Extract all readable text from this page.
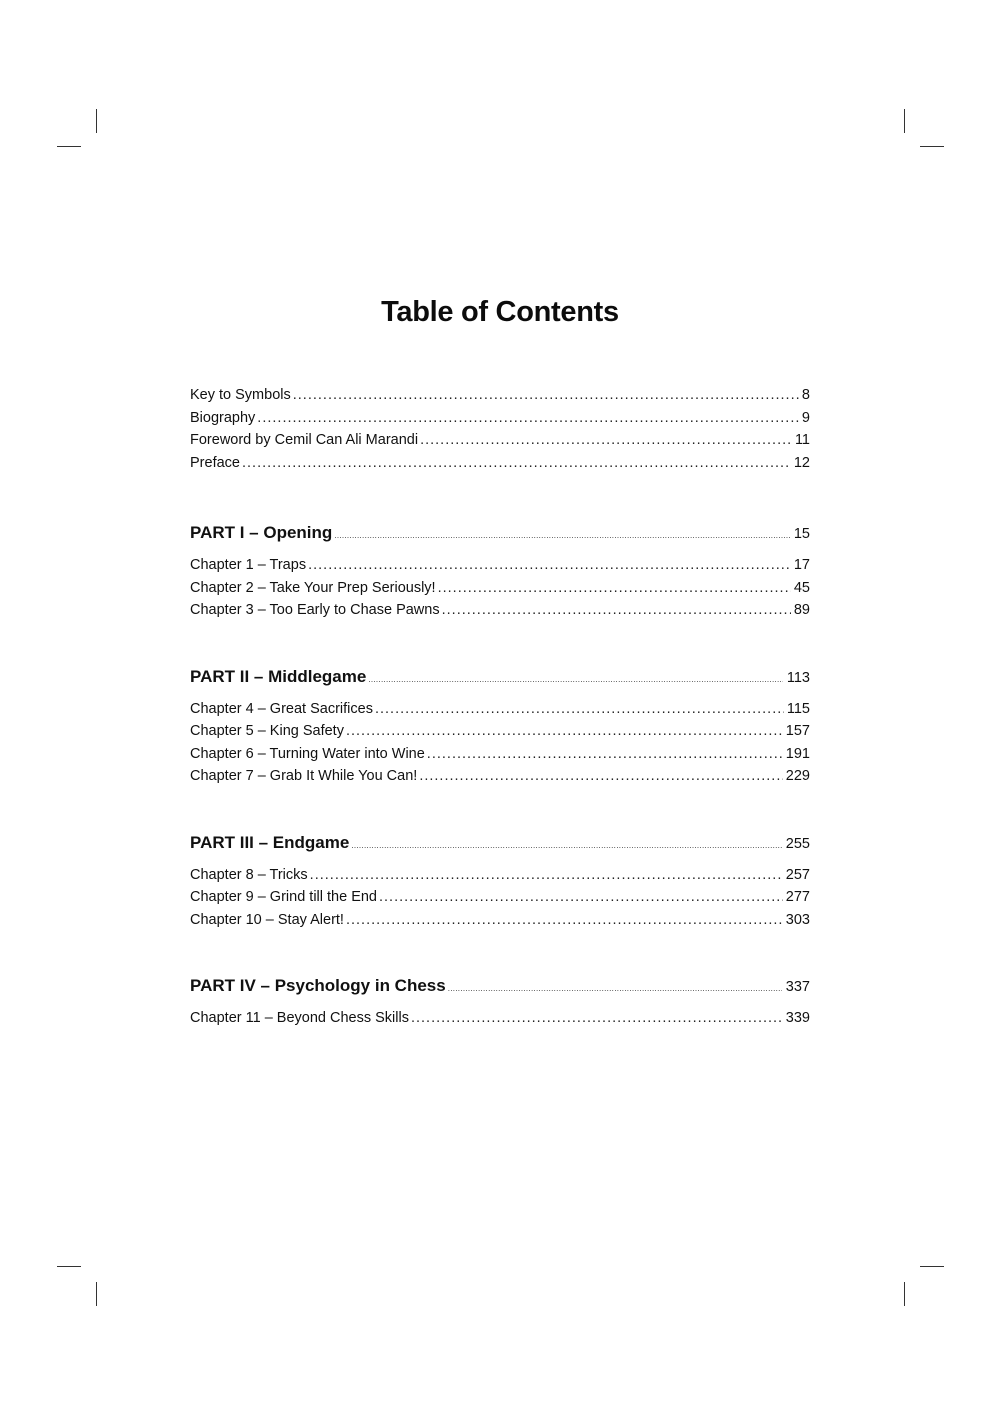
Table of Contents
Key to Symbols .....	8
Biography .....	9
Foreword by Cemil Can Ali Marandi .....	11
Preface .....	12
PART I – Opening .....	15
Chapter 1 – Traps .....	17
Chapter 2 – Take Your Prep Seriously! .....	45
Chapter 3 – Too Early to Chase Pawns .....	89
PART II – Middlegame .....	113
Chapter 4 – Great Sacrifices .....	115
Chapter 5 – King Safety .....	157
Chapter 6 – Turning Water into Wine .....	191
Chapter 7 – Grab It While You Can! .....	229
PART III – Endgame .....	255
Chapter 8 – Tricks .....	257
Chapter 9 – Grind till the End .....	277
Chapter 10 – Stay Alert! .....	303
PART IV – Psychology in Chess .....	337
Chapter 11 – Beyond Chess Skills .....	339
